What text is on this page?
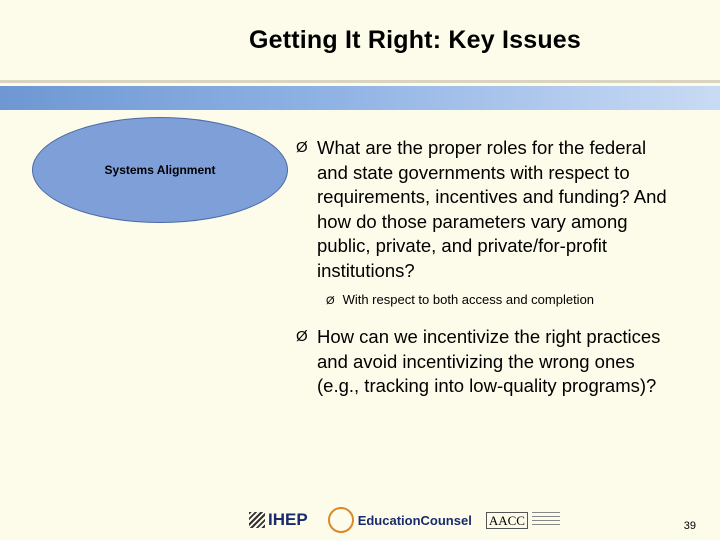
Getting It Right: Key Issues
Systems Alignment
Ø What are the proper roles for the federal and state governments with respect to requirements, incentives and funding? And how do those parameters vary among public, private, and private/for-profit institutions?
Ø With respect to both access and completion
Ø How can we incentivize the right practices and avoid incentivizing the wrong ones (e.g., tracking into low-quality programs)?
IHEP	EducationCounsel AACC	39
